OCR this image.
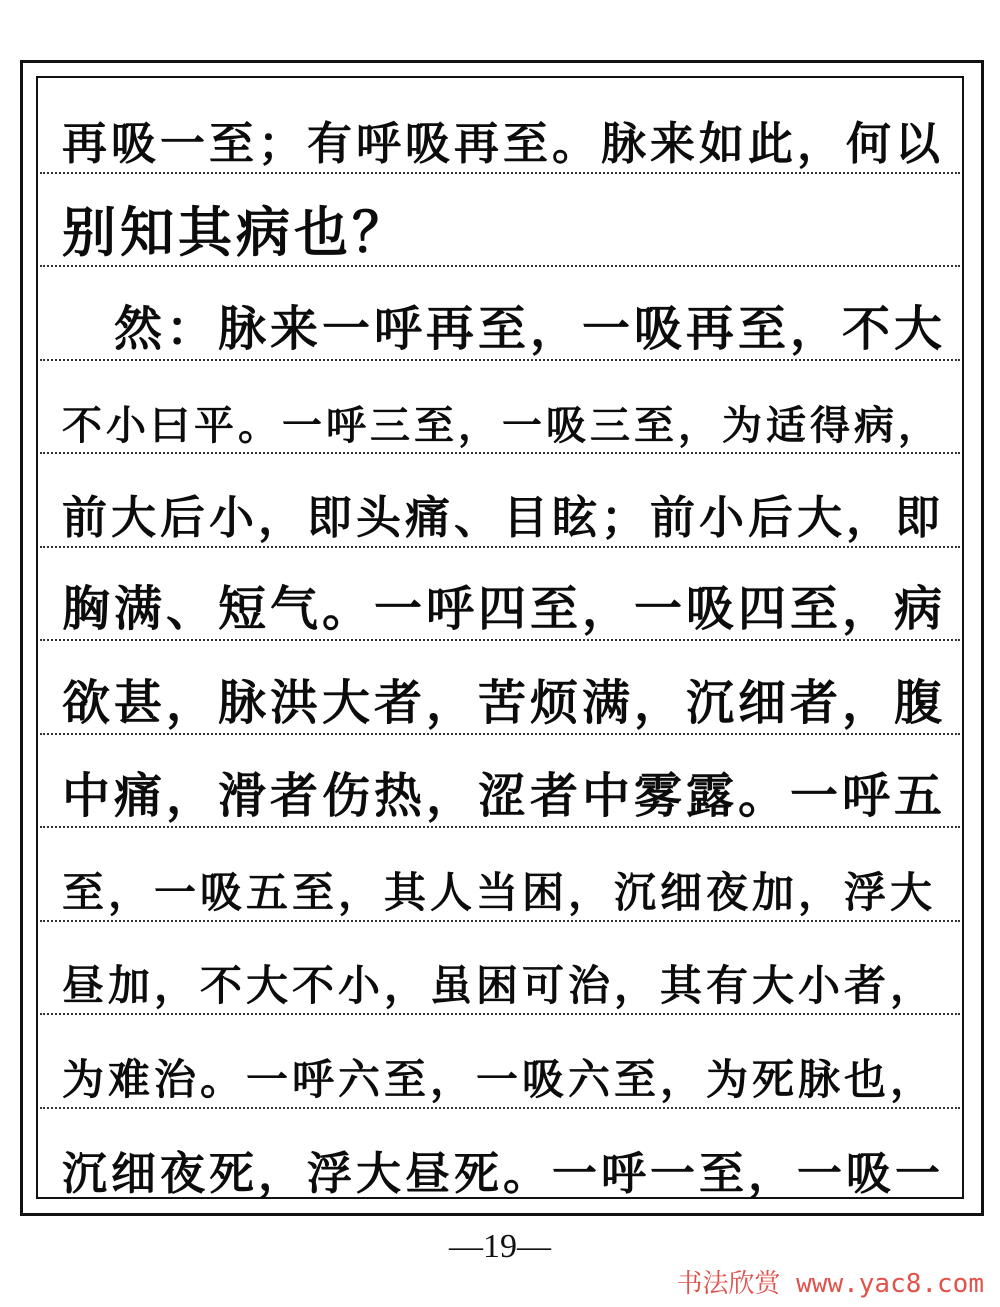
再吸一至；有呼吸再至。脉来如此，何以
别知其病也？
　然：脉来一呼再至，一吸再至，不大
不小曰平。一呼三至，一吸三至，为适得病，
前大后小，即头痛、目眩；前小后大，即
胸满、短气。一呼四至，一吸四至，病
欲甚，脉洪大者，苦烦满，沉细者，腹
中痛，滑者伤热，涩者中雾露。一呼五
至，一吸五至，其人当困，沉细夜加，浮大
昼加，不大不小，虽困可治，其有大小者，
为难治。一呼六至，一吸六至，为死脉也，
沉细夜死，浮大昼死。一呼一至，一吸一
—19—
书法欣赏 www.yac8.com
